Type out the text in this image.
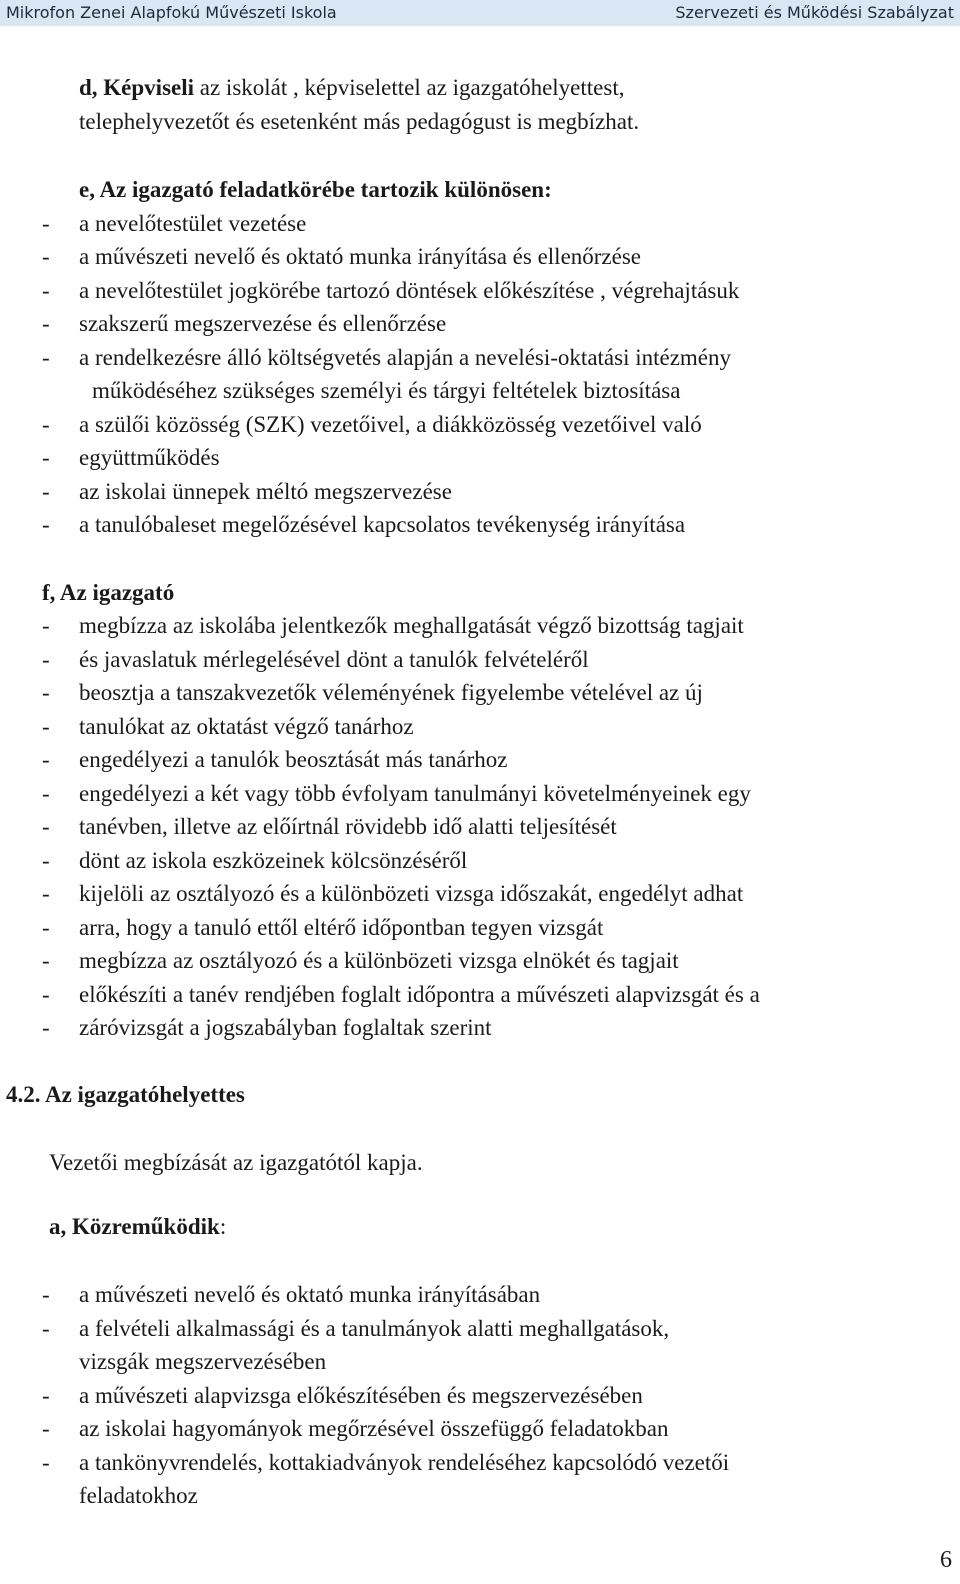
Mikrofon Zenei Alapfokú Művészeti Iskola	Szervezeti és Működési Szabályzat
d, Képviseli az iskolát , képviselettel az igazgatóhelyettest,
telephelyvezetőt és esetenként más pedagógust is megbízhat.
e, Az igazgató feladatkörébe tartozik különösen:
- a nevelőtestület vezetése
- a művészeti nevelő és oktató munka irányítása és ellenőrzése
- a nevelőtestület jogkörébe tartozó döntések előkészítése , végrehajtásuk
- szakszerű megszervezése és ellenőrzése
- a rendelkezésre álló költségvetés alapján a nevelési-oktatási intézmény
működéséhez szükséges személyi és tárgyi feltételek biztosítása
- a szülői közösség (SZK) vezetőivel, a diákközösség vezetőivel való
- együttműködés
- az iskolai ünnepek méltó megszervezése
- a tanulóbaleset megelőzésével kapcsolatos tevékenység irányítása
f, Az igazgató
- megbízza az iskolába jelentkezők meghallgatását végző bizottság tagjait
- és javaslatuk mérlegelésével dönt a tanulók felvételéről
- beosztja a tanszakvezetők véleményének figyelembe vételével az új
- tanulókat az oktatást végző tanárhoz
- engedélyezi a tanulók beosztását más tanárhoz
- engedélyezi a két vagy több évfolyam tanulmányi követelményeinek egy
- tanévben, illetve az előírtnál rövidebb idő alatti teljesítését
- dönt az iskola eszközeinek kölcsönzéséről
- kijelöli az osztályozó és a különbözeti vizsga időszakát, engedélyt adhat
- arra, hogy a tanuló ettől eltérő időpontban tegyen vizsgát
- megbízza az osztályozó és a különbözeti vizsga elnökét és tagjait
- előkészíti a tanév rendjében foglalt időpontra a művészeti alapvizsgát és a
- záróvizsgát a jogszabályban foglaltak szerint
4.2. Az igazgatóhelyettes
Vezetői megbízását az igazgatótól kapja.
a, Közreműködik:
- a művészeti nevelő és oktató munka irányításában
- a felvételi alkalmassági és a tanulmányok alatti meghallgatások,
vizsgák megszervezésében
- a művészeti alapvizsga előkészítésében és megszervezésében
- az iskolai hagyományok megőrzésével összefüggő feladatokban
- a tankönyvrendelés, kottakiadványok rendeléséhez kapcsolódó vezetői
feladatokhoz
6
